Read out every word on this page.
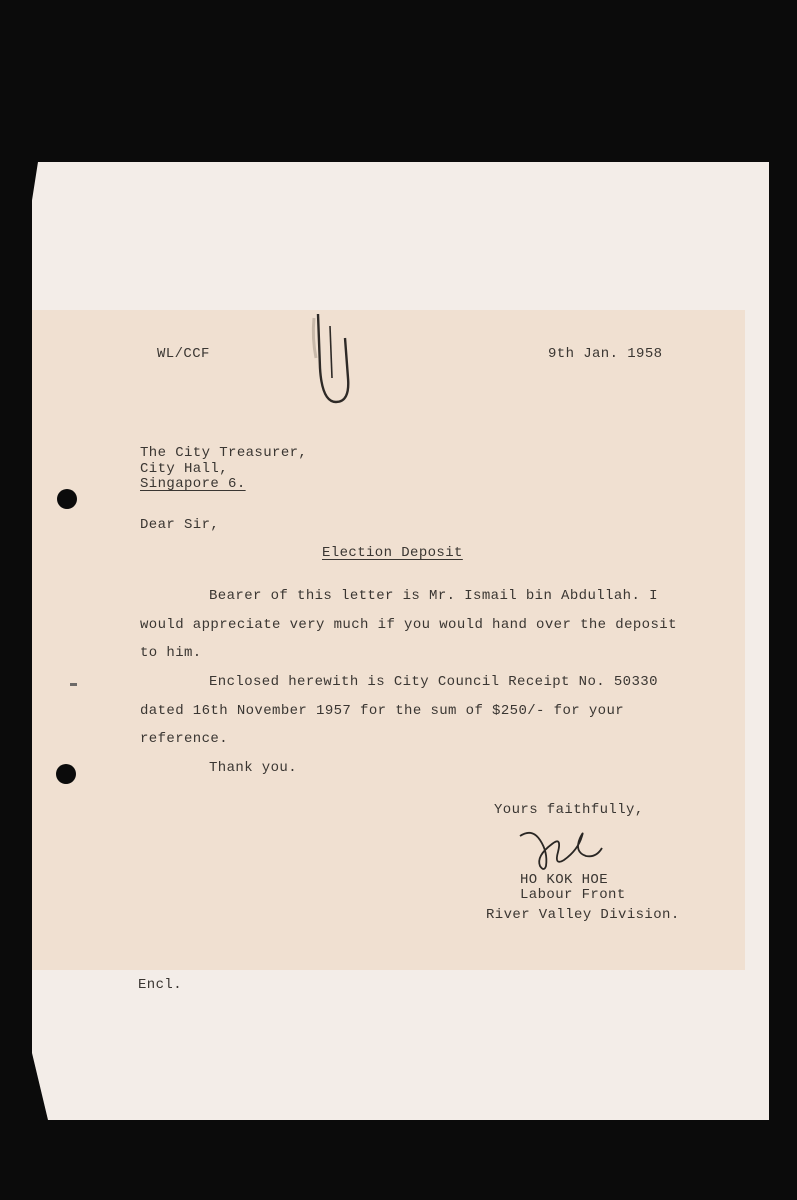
WL/CCF	9th Jan. 1958
The City Treasurer,
City Hall,
Singapore 6.
Dear Sir,
Election Deposit
Bearer of this letter is Mr. Ismail bin Abdullah. I
would appreciate very much if you would hand over the deposit
to him.
Enclosed herewith is City Council Receipt No. 50330
dated 16th November 1957 for the sum of $250/- for your
reference.
Thank you.
Yours faithfully,
HO KOK HOE
Labour Front
River Valley Division.
Encl.
